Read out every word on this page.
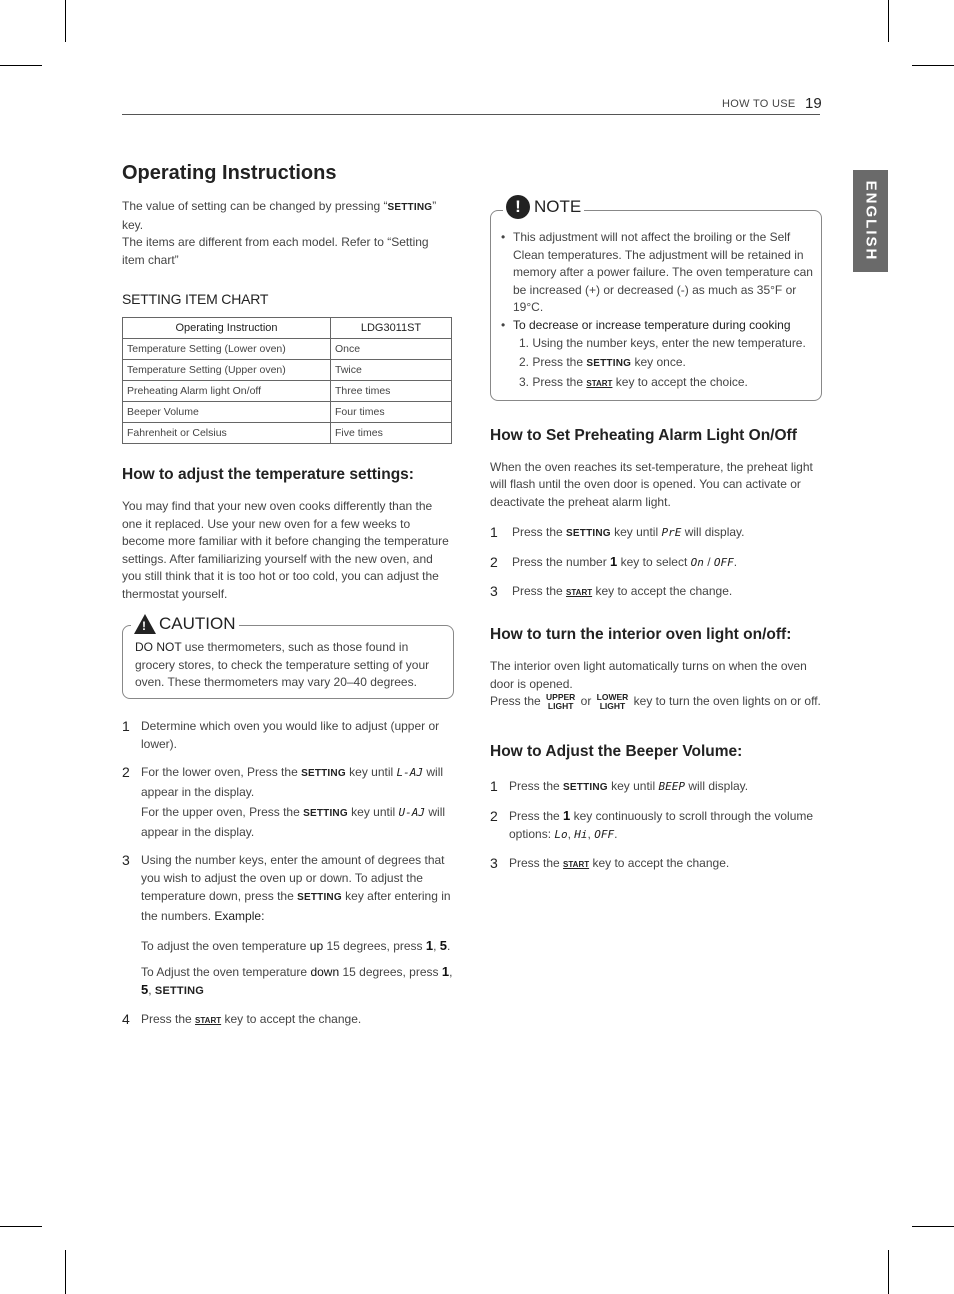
HOW TO USE 19
ENGLISH
Operating Instructions

The value of setting can be changed by pressing “SETTING” key.

The items are different from each model. Refer to “Setting item chart”

SETTING ITEM CHART
Operating Instruction	LDG3011ST
Temperature Setting (Lower oven)	Once
Temperature Setting (Upper oven)	Twice
Preheating Alarm light On/off	Three times
Beeper Volume	Four times
Fahrenheit or Celsius	Five times
How to adjust the temperature settings:

You may find that your new oven cooks differently than the one it replaced. Use your new oven for a few weeks to become more familiar with it before changing the temperature settings. After familiarizing yourself with the new oven, and you still think that it is too hot or too cold, you can adjust the thermostat yourself.

!
CAUTION

DO NOT use thermometers, such as those found in grocery stores, to check the temperature setting of your oven. These thermometers may vary 20–40 degrees.

1 Determine which oven you would like to adjust (upper or lower).
2 For the lower oven, Press the SETTING key until L-AJ will appear in the display.
For the upper oven, Press the SETTING key until U-AJ will appear in the display.
3 Using the number keys, enter the amount of degrees that you wish to adjust the oven up or down. To adjust the temperature down, press the SETTING key after entering in the numbers. Example:
To adjust the oven temperature up 15 degrees, press 1, 5.
To Adjust the oven temperature down 15 degrees, press 1, 5, SETTING
4 Press the START key to accept the change.
! NOTE
• This adjustment will not affect the broiling or the Self Clean temperatures. The adjustment will be retained in memory after a power failure. The oven temperature can be increased (+) or decreased (-) as much as 35°F or 19°C.
• To decrease or increase temperature during cooking
1. Using the number keys, enter the new temperature.
2. Press the SETTING key once.
3. Press the START key to accept the choice.
How to Set Preheating Alarm Light On/Off

When the oven reaches its set-temperature, the preheat light will flash until the oven door is opened. You can activate or deactivate the preheat alarm light.

1	Press the SETTING key until PrE will display.
2	Press the number 1 key to select On / OFF.
3	Press the START key to accept the change.
How to turn the interior oven light on/off:

The interior oven light automatically turns on when the oven door is opened.

Press the UPPER
LIGHT or LOWER
LIGHT key to turn the oven lights on or off.

How to Adjust the Beeper Volume:
1 Press the SETTING key until BEEP will display.
2 Press the 1 key continuously to scroll through the volume options: Lo, Hi, OFF.
3 Press the START key to accept the change.
